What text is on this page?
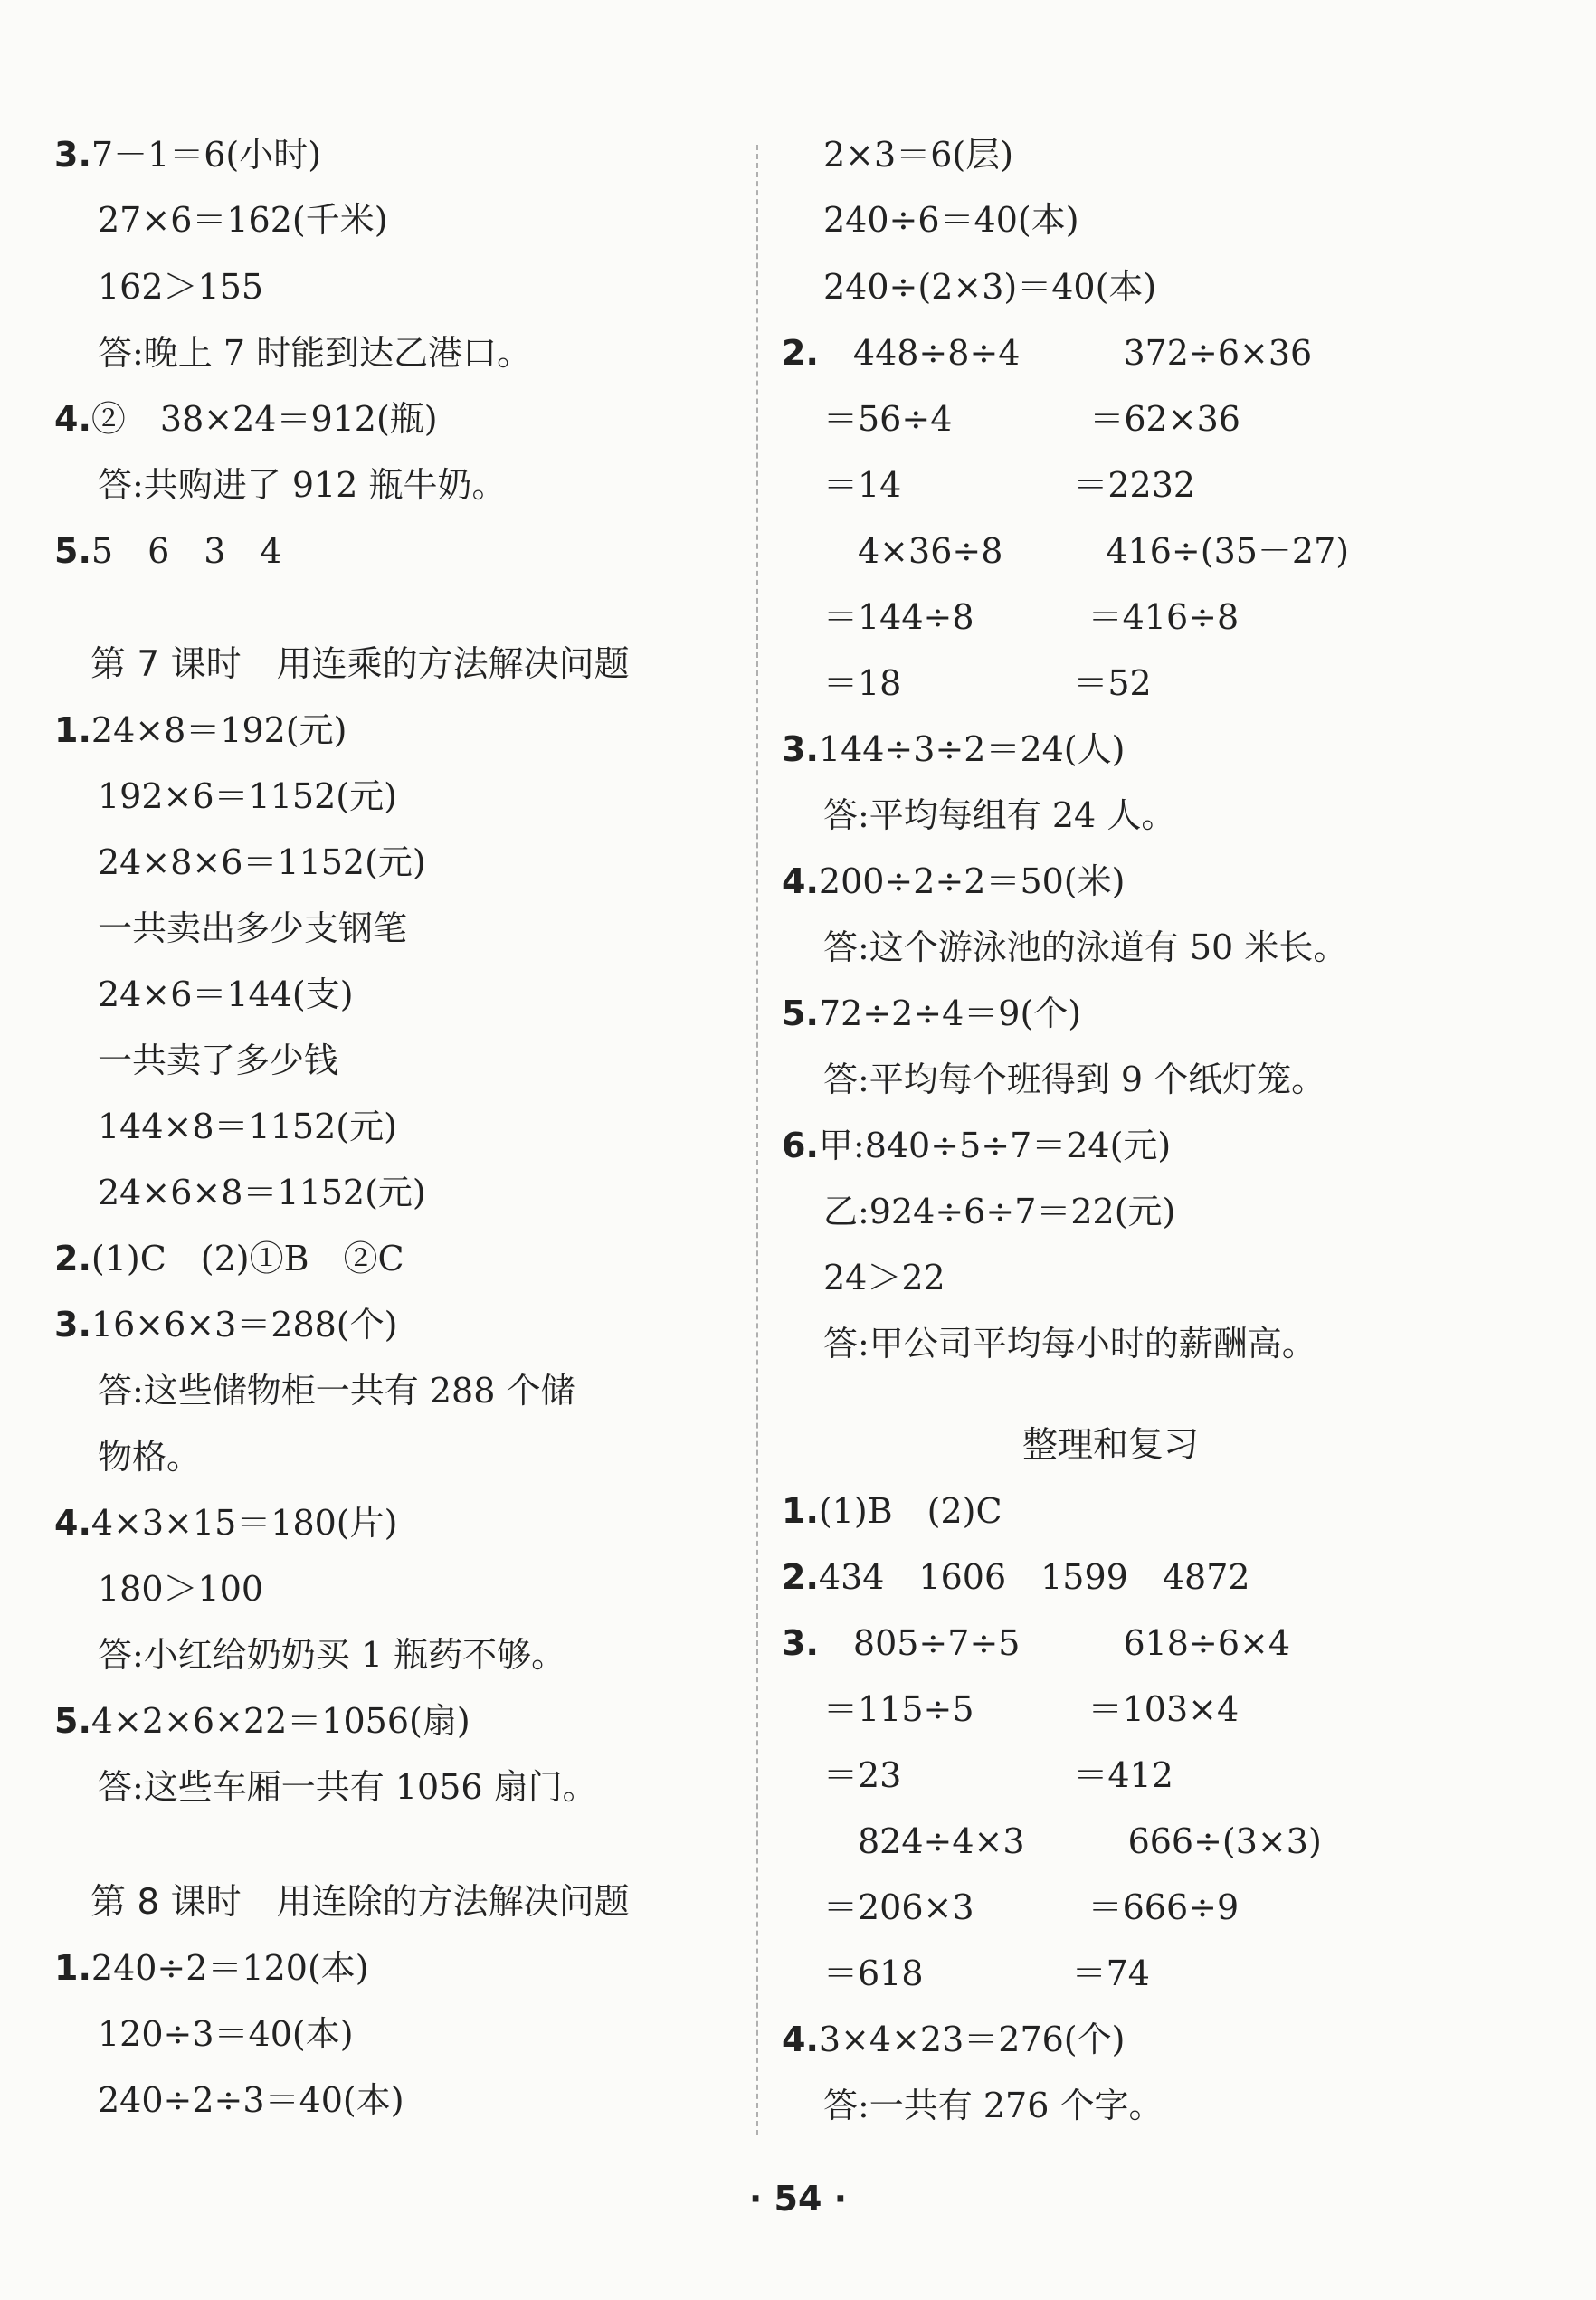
3.7－1＝6(小时)
27×6＝162(千米)
162＞155
答:晚上 7 时能到达乙港口。
4.②　38×24＝912(瓶)
答:共购进了 912 瓶牛奶。
5.5　6　3　4
第 7 课时　用连乘的方法解决问题
1.24×8＝192(元)
192×6＝1152(元)
24×8×6＝1152(元)
一共卖出多少支钢笔
24×6＝144(支)
一共卖了多少钱
144×8＝1152(元)
24×6×8＝1152(元)
2.(1)C　(2)①B　②C
3.16×6×3＝288(个)
答:这些储物柜一共有 288 个储
物格。
4.4×3×15＝180(片)
180＞100
答:小红给奶奶买 1 瓶药不够。
5.4×2×6×22＝1056(扇)
答:这些车厢一共有 1056 扇门。
第 8 课时　用连除的方法解决问题
1.240÷2＝120(本)
120÷3＝40(本)
240÷2÷3＝40(本)
2×3＝6(层)
240÷6＝40(本)
240÷(2×3)＝40(本)
2.　448÷8÷4　　　372÷6×36
＝56÷4　　　　＝62×36
＝14　　　　　＝2232
　4×36÷8　　　416÷(35－27)
＝144÷8　　　 ＝416÷8
＝18　　　　　＝52
3.144÷3÷2＝24(人)
答:平均每组有 24 人。
4.200÷2÷2＝50(米)
答:这个游泳池的泳道有 50 米长。
5.72÷2÷4＝9(个)
答:平均每个班得到 9 个纸灯笼。
6.甲:840÷5÷7＝24(元)
乙:924÷6÷7＝22(元)
24＞22
答:甲公司平均每小时的薪酬高。
整理和复习
1.(1)B　(2)C
2.434　1606　1599　4872
3.　805÷7÷5　　　618÷6×4
＝115÷5　　　 ＝103×4
＝23　　　　　＝412
　824÷4×3　　　666÷(3×3)
＝206×3　　　 ＝666÷9
＝618　　　　 ＝74
4.3×4×23＝276(个)
答:一共有 276 个字。
· 54 ·
